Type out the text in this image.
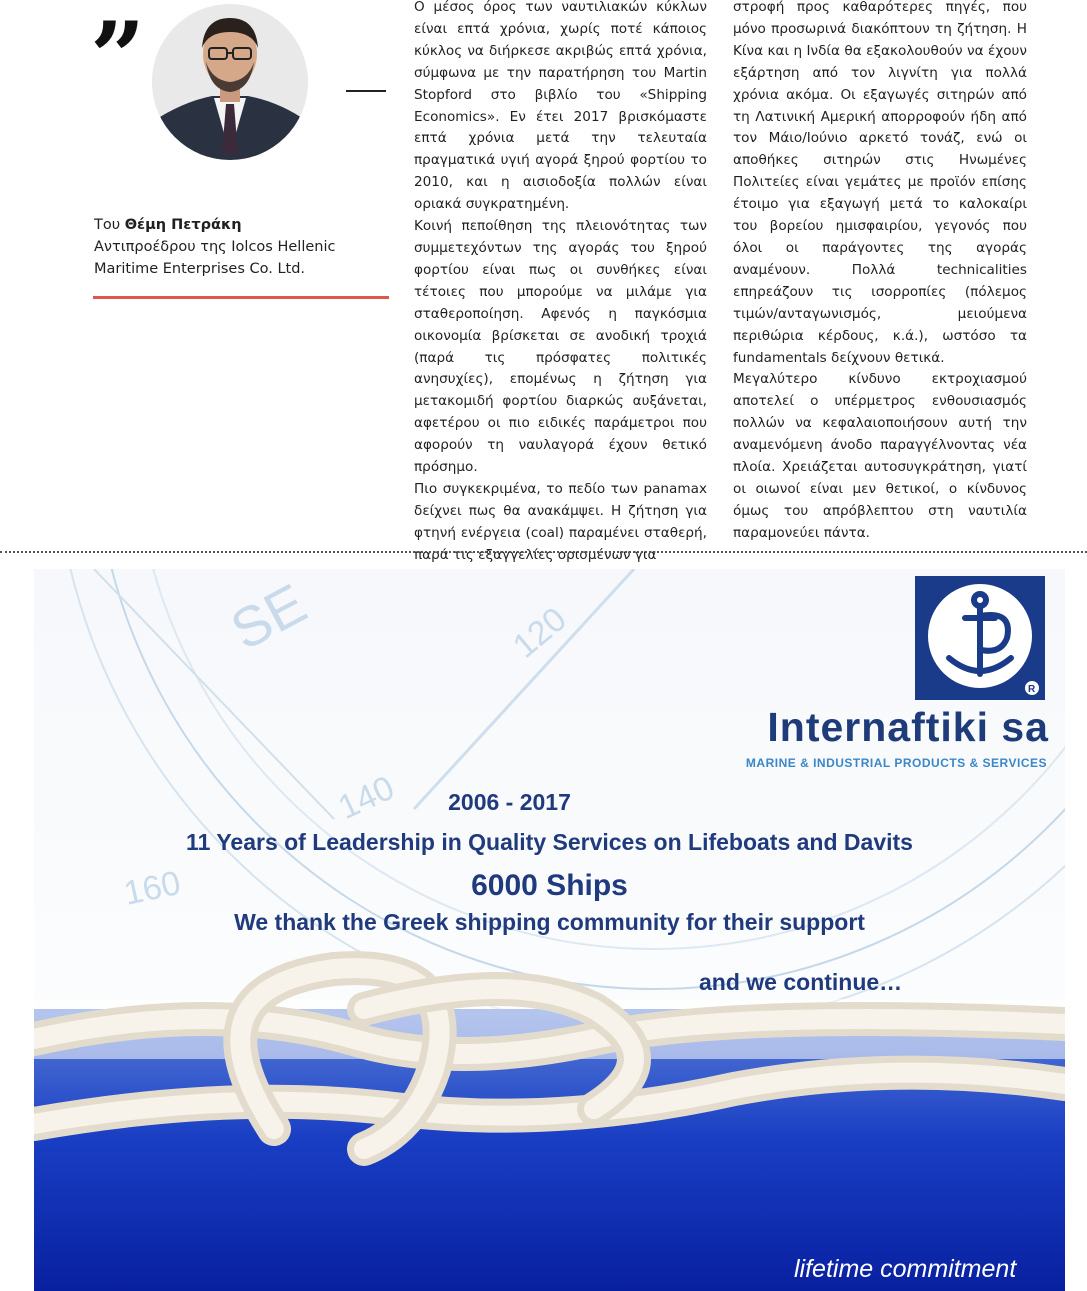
”
Του Θέμη Πετράκη
Αντιπροέδρου της Iolcos Hellenic
Maritime Enterprises Co. Ltd.

Ο μέσος όρος των ναυτιλιακών κύκλων είναι επτά χρόνια, χωρίς ποτέ κάποιος κύκλος να διήρκεσε ακριβώς επτά χρόνια, σύμφωνα με την παρατήρηση του Martin Stopford στο βιβλίο του «Shipping Economics». Εν έτει 2017 βρισκόμαστε επτά χρόνια μετά την τελευταία πραγματικά υγιή αγορά ξηρού φορτίου το 2010, και η αισιοδοξία πολλών είναι οριακά συγκρατημένη.

Κοινή πεποίθηση της πλειονότητας των συμμετεχόντων της αγοράς του ξηρού φορτίου είναι πως οι συνθήκες είναι τέτοιες που μπορούμε να μιλάμε για σταθεροποίηση. Αφενός η παγκόσμια οικονομία βρίσκεται σε ανοδική τροχιά (παρά τις πρόσφατες πολιτικές ανησυχίες), επομένως η ζήτηση για μετακομιδή φορτίου διαρκώς αυξάνεται, αφετέρου οι πιο ειδικές παράμετροι που αφορούν τη ναυλαγορά έχουν θετικό πρόσημο.

Πιο συγκεκριμένα, το πεδίο των panamax δείχνει πως θα ανακάμψει. Η ζήτηση για φτηνή ενέργεια (coal) παραμένει σταθερή, παρά τις εξαγγελίες ορισμένων για

στροφή προς καθαρότερες πηγές, που μόνο προσωρινά διακόπτουν τη ζήτηση. Η Κίνα και η Ινδία θα εξακολουθούν να έχουν εξάρτηση από τον λιγνίτη για πολλά χρόνια ακόμα. Οι εξαγωγές σιτηρών από τη Λατινική Αμερική απορροφούν ήδη από τον Μάιο/Ιούνιο αρκετό τονάζ, ενώ οι αποθήκες σιτηρών στις Ηνωμένες Πολιτείες είναι γεμάτες με προϊόν επίσης έτοιμο για εξαγωγή μετά το καλοκαίρι του βορείου ημισφαιρίου, γεγονός που όλοι οι παράγοντες της αγοράς αναμένουν. Πολλά technicalities επηρεάζουν τις ισορροπίες (πόλεμος τιμών/ανταγωνισμός, μειούμενα περιθώρια κέρδους, κ.ά.), ωστόσο τα fundamentals δείχνουν θετικά.

Μεγαλύτερο κίνδυνο εκτροχιασμού αποτελεί ο υπέρμετρος ενθουσιασμός πολλών να κεφαλαιοποιήσουν αυτή την αναμενόμενη άνοδο παραγγέλνοντας νέα πλοία. Χρειάζεται αυτοσυγκράτηση, γιατί οι οιωνοί είναι μεν θετικοί, ο κίνδυνος όμως του απρόβλεπτου στη ναυτιλία παραμονεύει πάντα.

SE	120
140
160
R
Internaftiki sa
MARINE & INDUSTRIAL PRODUCTS & SERVICES
2006 - 2017
11 Years of Leadership in Quality Services on Lifeboats and Davits
6000 Ships
We thank the Greek shipping community for their support
and we continue…
lifetime commitment
